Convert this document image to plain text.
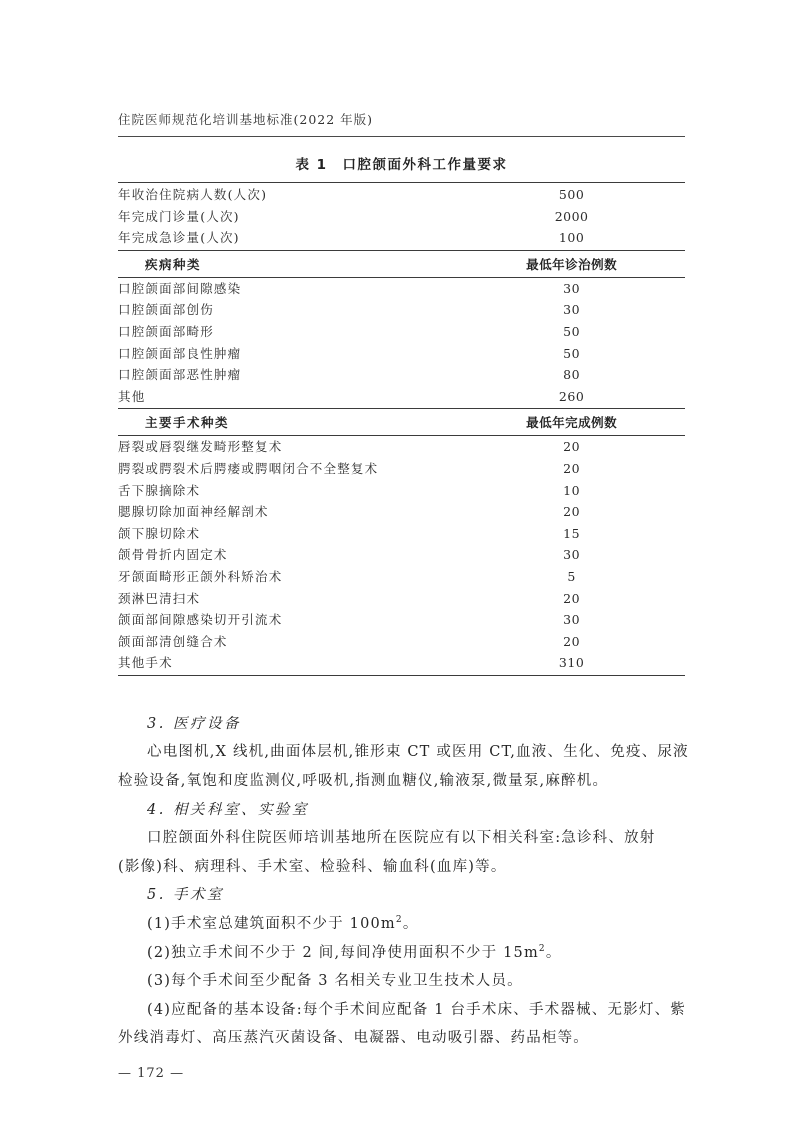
住院医师规范化培训基地标准(2022 年版)
表 1　口腔颌面外科工作量要求
年收治住院病人数(人次)	500
年完成门诊量(人次)	2000
年完成急诊量(人次)	100
疾病种类	最低年诊治例数
口腔颌面部间隙感染	30
口腔颌面部创伤	30
口腔颌面部畸形	50
口腔颌面部良性肿瘤	50
口腔颌面部恶性肿瘤	80
其他	260
主要手术种类	最低年完成例数
唇裂或唇裂继发畸形整复术	20
腭裂或腭裂术后腭瘘或腭咽闭合不全整复术	20
舌下腺摘除术	10
腮腺切除加面神经解剖术	20
颌下腺切除术	15
颌骨骨折内固定术	30
牙颌面畸形正颌外科矫治术	5
颈淋巴清扫术	20
颌面部间隙感染切开引流术	30
颌面部清创缝合术	20
其他手术	310
3. 医疗设备
心电图机,X 线机,曲面体层机,锥形束 CT 或医用 CT,血液、生化、免疫、尿液
检验设备,氧饱和度监测仪,呼吸机,指测血糖仪,输液泵,微量泵,麻醉机。
4. 相关科室、实验室
口腔颌面外科住院医师培训基地所在医院应有以下相关科室:急诊科、放射
(影像)科、病理科、手术室、检验科、输血科(血库)等。
5. 手术室
(1)手术室总建筑面积不少于 $100m^2$。
(2)独立手术间不少于 2 间,每间净使用面积不少于 $15m^2$。
(3)每个手术间至少配备 3 名相关专业卫生技术人员。
(4)应配备的基本设备:每个手术间应配备 1 台手术床、手术器械、无影灯、紫
外线消毒灯、高压蒸汽灭菌设备、电凝器、电动吸引器、药品柜等。
— 172 —
